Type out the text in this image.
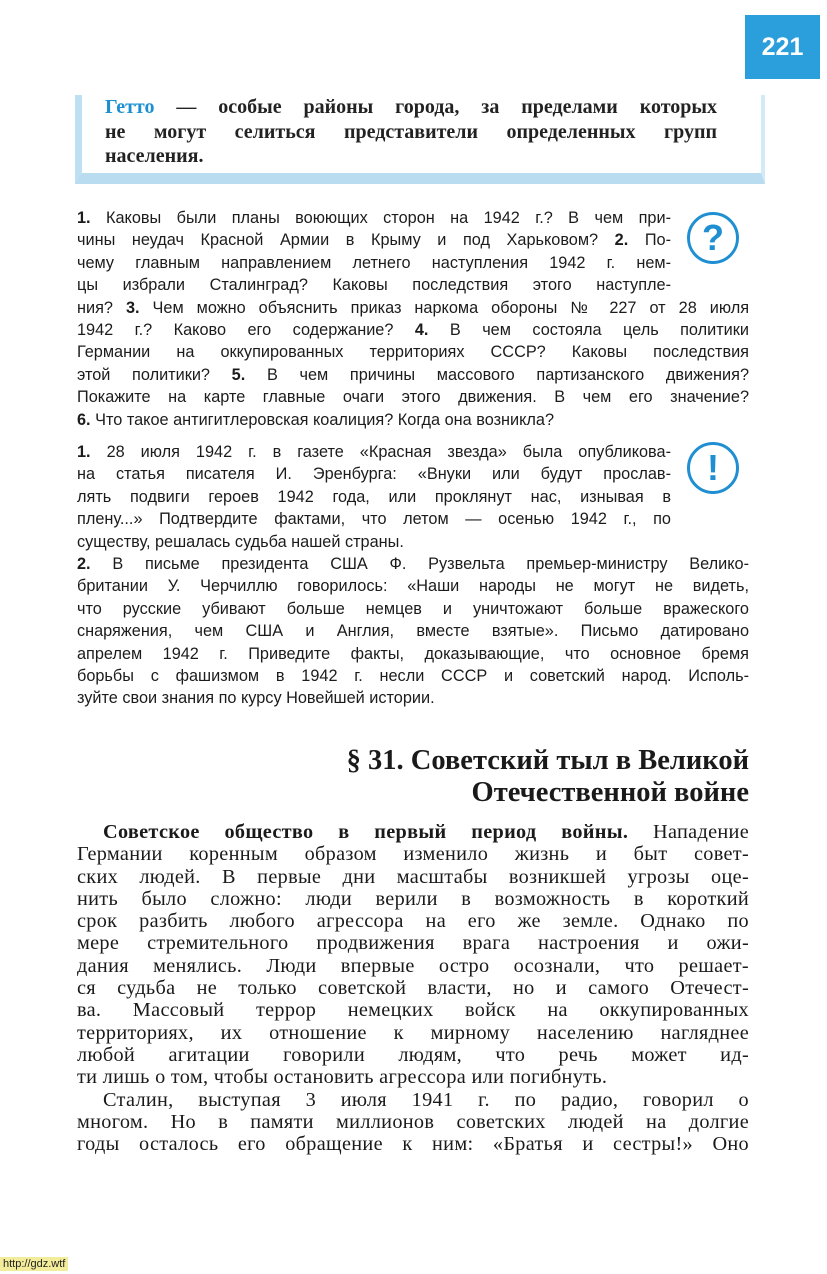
221
Гетто — особые районы города, за пределами которых
не могут селиться представители определенных групп
населения.
?
1. Каковы были планы воюющих сторон на 1942 г.? В чем при-
чины неудач Красной Армии в Крыму и под Харьковом? 2. По-
чему главным направлением летнего наступления 1942 г. нем-
цы избрали Сталинград? Каковы последствия этого наступле-
ния? 3. Чем можно объяснить приказ наркома обороны № 227 от 28 июля
1942 г.? Каково его содержание? 4. В чем состояла цель политики
Германии на оккупированных территориях СССР? Каковы последствия
этой политики? 5. В чем причины массового партизанского движения?
Покажите на карте главные очаги этого движения. В чем его значение?
6. Что такое антигитлеровская коалиция? Когда она возникла?
!
1. 28 июля 1942 г. в газете «Красная звезда» была опубликова-
на статья писателя И. Эренбурга: «Внуки или будут прослав-
лять подвиги героев 1942 года, или проклянут нас, изнывая в
плену...» Подтвердите фактами, что летом — осенью 1942 г., по
существу, решалась судьба нашей страны.
2. В письме президента США Ф. Рузвельта премьер-министру Велико-
британии У. Черчиллю говорилось: «Наши народы не могут не видеть,
что русские убивают больше немцев и уничтожают больше вражеского
снаряжения, чем США и Англия, вместе взятые». Письмо датировано
апрелем 1942 г. Приведите факты, доказывающие, что основное бремя
борьбы с фашизмом в 1942 г. несли СССР и советский народ. Исполь-
зуйте свои знания по курсу Новейшей истории.
§ 31. Советский тыл в Великой
Отечественной войне
Советское общество в первый период войны. Нападение
Германии коренным образом изменило жизнь и быт совет-
ских людей. В первые дни масштабы возникшей угрозы оце-
нить было сложно: люди верили в возможность в короткий
срок разбить любого агрессора на его же земле. Однако по
мере стремительного продвижения врага настроения и ожи-
дания менялись. Люди впервые остро осознали, что решает-
ся судьба не только советской власти, но и самого Отечест-
ва. Массовый террор немецких войск на оккупированных
территориях, их отношение к мирному населению нагляднее
любой агитации говорили людям, что речь может ид-
ти лишь о том, чтобы остановить агрессора или погибнуть.
Сталин, выступая 3 июля 1941 г. по радио, говорил о
многом. Но в памяти миллионов советских людей на долгие
годы осталось его обращение к ним: «Братья и сестры!» Оно
http://gdz.wtf
